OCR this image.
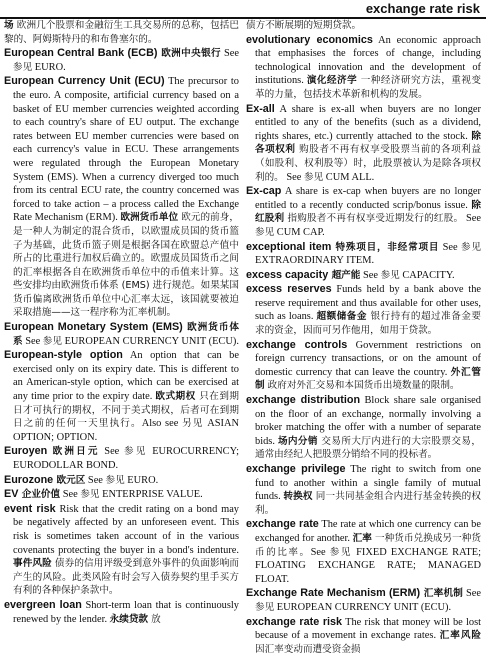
exchange rate risk

场 欧洲几个股票和金融衍生工具交易所的总称，包括巴黎的、阿姆斯特丹的和布鲁塞尔的。

European Central Bank (ECB) 欧洲中央银行 See 参见 EURO.

European Currency Unit (ECU) The precursor to the euro. A composite, artificial currency based on a basket of EU member currencies weighted according to each country's share of EU output. The exchange rates between EU member currencies were based on each currency's value in ECU. These arrangements were regulated through the European Monetary System (EMS). When a currency diverged too much from its central ECU rate, the country concerned was forced to take action – a process called the Exchange Rate Mechanism (ERM). 欧洲货币单位 欧元的前身，是一种人为制定的混合货币，以欧盟成员国的货币篮子为基础，此货币篮子则是根据各国在欧盟总产值中所占的比重进行加权后确立的。欧盟成员国货币之间的汇率根据各自在欧洲货币单位中的币值来计算。这些安排均由欧洲货币体系 (EMS) 进行规范。如果某国货币偏离欧洲货币单位中心汇率太远，该国就要被迫采取措施——这一程序称为汇率机制。

European Monetary System (EMS) 欧洲货币体系 See 参见 EUROPEAN CURRENCY UNIT (ECU).

European-style option An option that can be exercised only on its expiry date. This is different to an American-style option, which can be exercised at any time prior to the expiry date. 欧式期权 只在到期日才可执行的期权，不同于美式期权，后者可在到期日之前的任何一天里执行。Also see 另见 ASIAN OPTION; OPTION.

Euroyen 欧洲日元 See 参见 EUROCURRENCY; EURODOLLAR BOND.

Eurozone 欧元区 See 参见 EURO.

EV 企业价值 See 参见 ENTERPRISE VALUE.

event risk Risk that the credit rating on a bond may be negatively affected by an unforeseen event. This risk is sometimes taken account of in the various covenants protecting the buyer in a bond's indenture. 事件风险 债券的信用评级受到意外事件的负面影响而产生的风险。此类风险有时会写入债券契约里手买方有利的各种保护条款中。

evergreen loan Short-term loan that is continuously renewed by the lender. 永续贷款 放

债方不断展期的短期贷款。

evolutionary economics An economic approach that emphasises the forces of change, including technological innovation and the development of institutions. 演化经济学 一种经济研究方法，重视变革的力量，包括技术革新和机构的发展。

Ex-all A share is ex-all when buyers are no longer entitled to any of the benefits (such as a dividend, rights shares, etc.) currently attached to the stock. 除各项权利 购股者不再有权享受股票当前的各项利益（如股利、权利股等）时，此股票被认为是除各项权利的。 See 参见 CUM ALL.

Ex-cap A share is ex-cap when buyers are no longer entitled to a recently conducted scrip/bonus issue. 除红股利 指购股者不再有权享受近期发行的红股。 See 参见 CUM CAP.

exceptional item 特殊项目，非经常项目 See 参见 EXTRAORDINARY ITEM.

excess capacity 超产能 See 参见 CAPACITY.

excess reserves Funds held by a bank above the reserve requirement and thus available for other uses, such as loans. 超额储备金 银行持有的超过准备金要求的资金，因而可另作他用，如用于贷款。

exchange controls Government restrictions on foreign currency transactions, or on the amount of domestic currency that can leave the country. 外汇管制 政府对外汇交易和本国货币出境数量的限制。

exchange distribution Block share sale organised on the floor of an exchange, normally involving a broker matching the offer with a number of separate bids. 场内分销 交易所大厅内进行的大宗股票交易，通常由经纪人把股票分销给不同的投标者。

exchange privilege The right to switch from one fund to another within a single family of mutual funds. 转换权 同一共同基金组合内进行基金转换的权利。

exchange rate The rate at which one currency can be exchanged for another. 汇率 一种货币兑换成另一种货币的比率。See 参见 FIXED EXCHANGE RATE; FLOATING EXCHANGE RATE; MANAGED FLOAT.

Exchange Rate Mechanism (ERM) 汇率机制 See 参见 EUROPEAN CURRENCY UNIT (ECU).

exchange rate risk The risk that money will be lost because of a movement in exchange rates. 汇率风险 因汇率变动而遭受资金损
